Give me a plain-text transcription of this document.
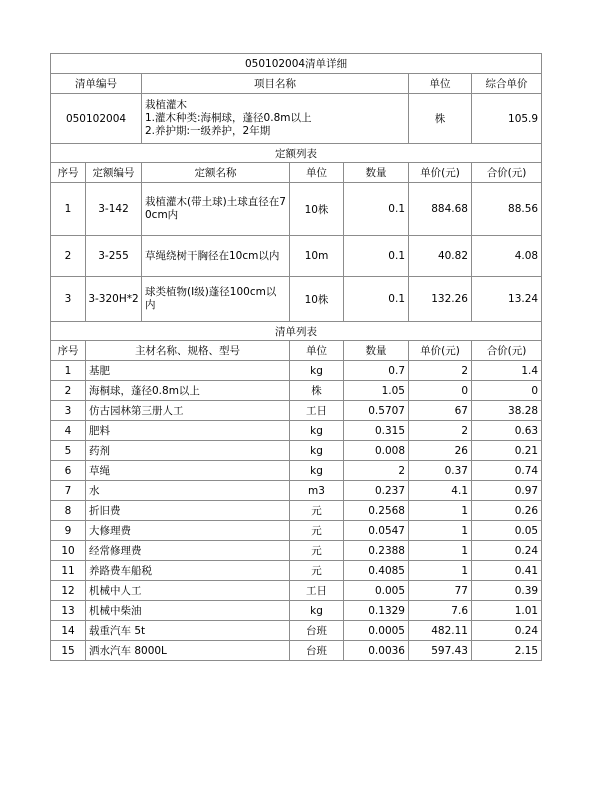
050102004清单详细						
清单编号		项目名称			单位	综合单价
050102004		栽植灌木
1.灌木种类:海桐球，蓬径0.8m以上
2.养护期:一级养护，2年期			株	105.9
定额列表						
序号	定额编号	定额名称	单位	数量	单价(元)	合价(元)
1	3-142	栽植灌木(带土球)土球直径在70cm内	10株	0.1	884.68	88.56
2	3-255	草绳绕树干胸径在10cm以内	10m	0.1	40.82	4.08
3	3-320H*2	球类植物(I级)蓬径100cm以内	10株	0.1	132.26	13.24
清单列表						
序号	主材名称、规格、型号		单位	数量	单价(元)	合价(元)
1	基肥		kg	0.7	2	1.4
2	海桐球，蓬径0.8m以上		株	1.05	0	0
3	仿古园林第三册人工		工日	0.5707	67	38.28
4	肥料		kg	0.315	2	0.63
5	药剂		kg	0.008	26	0.21
6	草绳		kg	2	0.37	0.74
7	水		m3	0.237	4.1	0.97
8	折旧费		元	0.2568	1	0.26
9	大修理费		元	0.0547	1	0.05
10	经常修理费		元	0.2388	1	0.24
11	养路费车船税		元	0.4085	1	0.41
12	机械中人工		工日	0.005	77	0.39
13	机械中柴油		kg	0.1329	7.6	1.01
14	载重汽车 5t		台班	0.0005	482.11	0.24
15	洒水汽车 8000L		台班	0.0036	597.43	2.15
